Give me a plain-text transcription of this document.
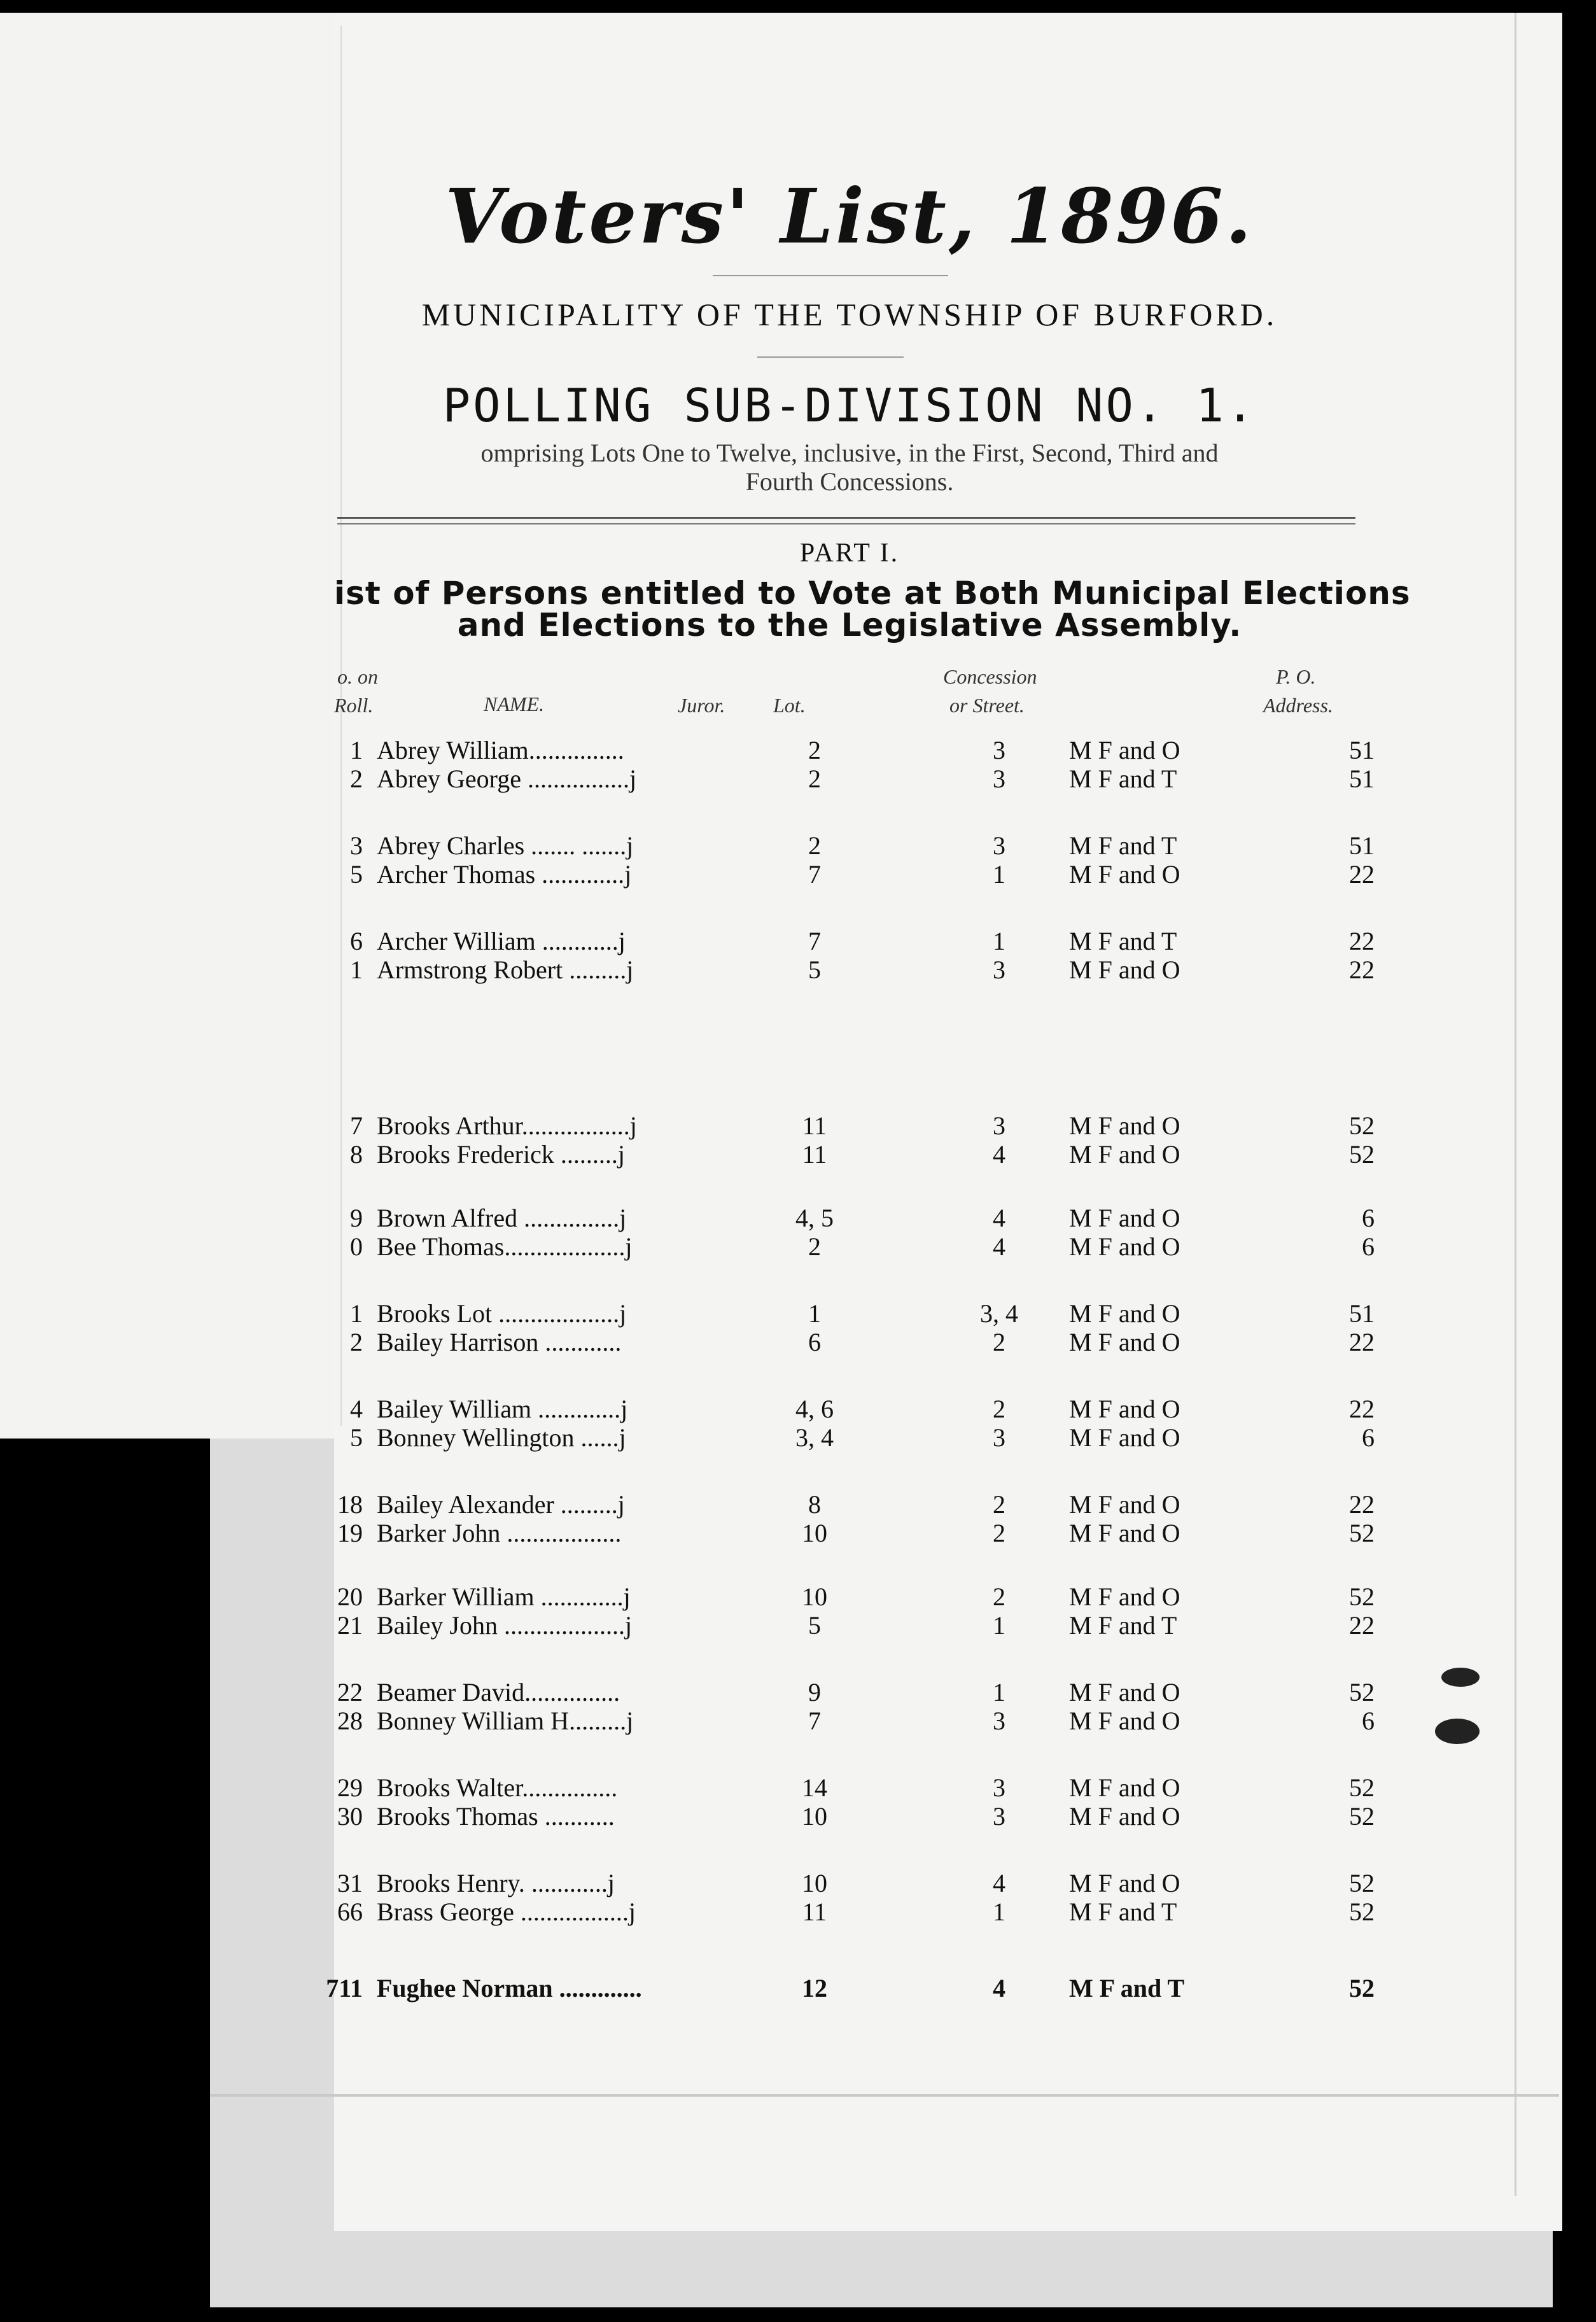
Voters' List, 1896.
MUNICIPALITY OF THE TOWNSHIP OF BURFORD.
POLLING SUB-DIVISION NO. 1.
omprising Lots One to Twelve, inclusive, in the First, Second, Third and
Fourth Concessions.
PART I.
ist of Persons entitled to Vote at Both Municipal Elections
and Elections to the Legislative Assembly.
o. on
Roll.	NAME.	Juror. Lot.
Concession
or Street.
P. O.
Address.
1 Abrey William...............	2	3	M F and O	51
2 Abrey George ................j	2	3	M F and T	51
3 Abrey Charles ....... .......j	2	3	M F and T	51
5 Archer Thomas .............j	7	1	M F and O	22
6 Archer William ............j	7	1	M F and T	22
1 Armstrong Robert .........j	5	3	M F and O	22
7 Brooks Arthur.................j	11	3	M F and O	52
8 Brooks Frederick .........j	11	4	M F and O	52
9 Brown Alfred ...............j	4, 5	4	M F and O	6
0 Bee Thomas...................j	2	4	M F and O	6
1 Brooks Lot ...................j	1	3, 4	M F and O	51
2 Bailey Harrison ............	6	2	M F and O	22
4 Bailey William .............j	4, 6	2	M F and O	22
5 Bonney Wellington ......j	3, 4	3	M F and O	6
18 Bailey Alexander .........j	8	2	M F and O	22
19 Barker John ..................	10	2	M F and O	52
20 Barker William .............j	10	2	M F and O	52
21 Bailey John ...................j	5	1	M F and T	22
22 Beamer David...............	9	1	M F and O	52
28 Bonney William H.........j	7	3	M F and O	6
29 Brooks Walter...............	14	3	M F and O	52
30 Brooks Thomas ...........	10	3	M F and O	52
31 Brooks Henry. ............j	10	4	M F and O	52
66 Brass George .................j	11	1	M F and T	52
711 Fughee Norman .............	12	4	M F and T	52
